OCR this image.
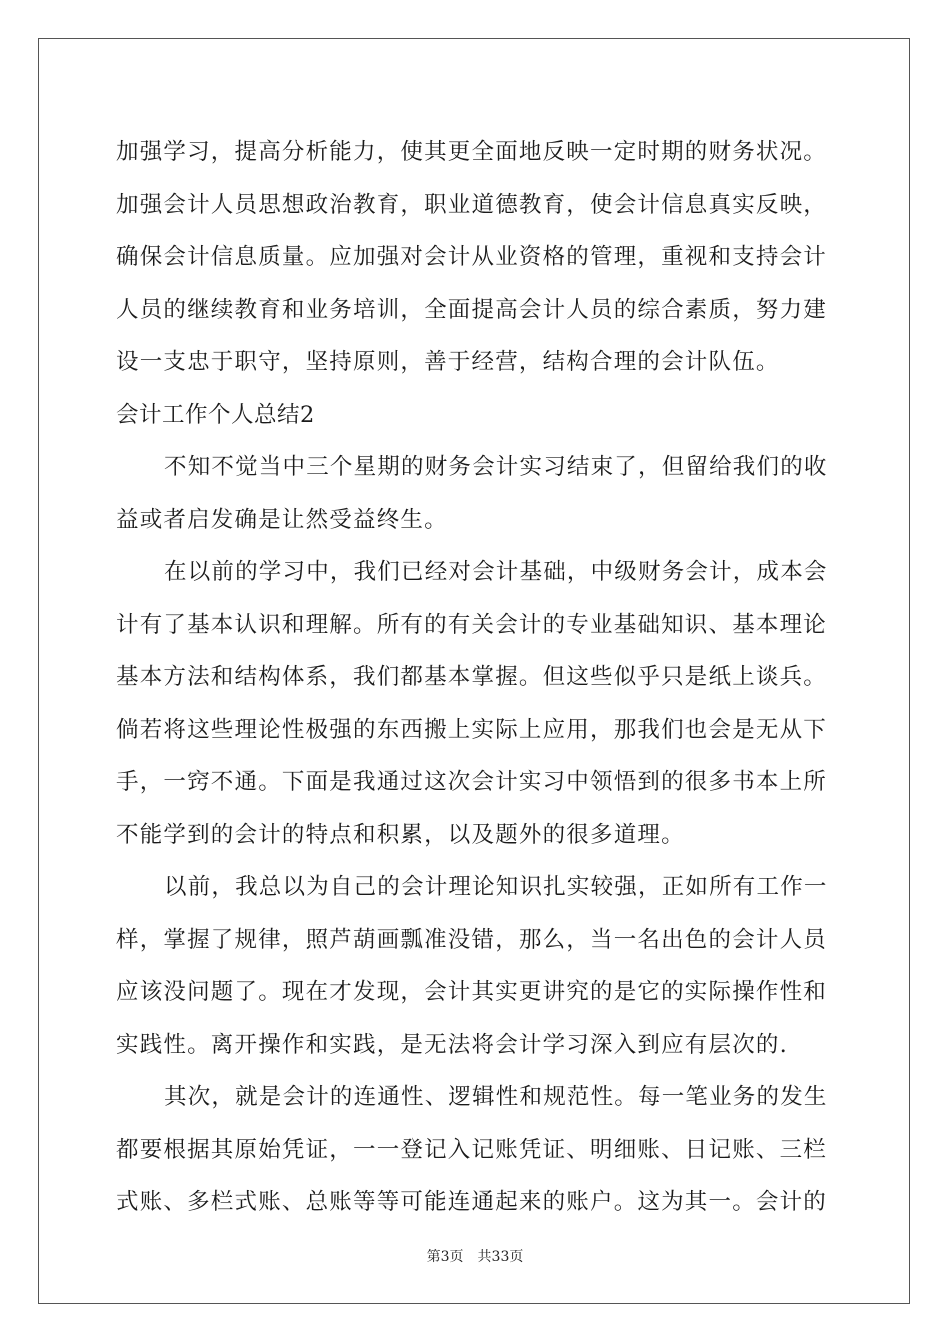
加强学习，提高分析能力，使其更全面地反映一定时期的财务状况。
加强会计人员思想政治教育，职业道德教育，使会计信息真实反映，
确保会计信息质量。应加强对会计从业资格的管理，重视和支持会计
人员的继续教育和业务培训，全面提高会计人员的综合素质，努力建
设一支忠于职守，坚持原则，善于经营，结构合理的会计队伍。
会计工作个人总结2
不知不觉当中三个星期的财务会计实习结束了，但留给我们的收
益或者启发确是让然受益终生。
在以前的学习中，我们已经对会计基础，中级财务会计，成本会
计有了基本认识和理解。所有的有关会计的专业基础知识、基本理论
基本方法和结构体系，我们都基本掌握。但这些似乎只是纸上谈兵。
倘若将这些理论性极强的东西搬上实际上应用，那我们也会是无从下
手，一窍不通。下面是我通过这次会计实习中领悟到的很多书本上所
不能学到的会计的特点和积累，以及题外的很多道理。
以前，我总以为自己的会计理论知识扎实较强，正如所有工作一
样，掌握了规律，照芦葫画瓢准没错，那么，当一名出色的会计人员
应该没问题了。现在才发现，会计其实更讲究的是它的实际操作性和
实践性。离开操作和实践，是无法将会计学习深入到应有层次的.
其次，就是会计的连通性、逻辑性和规范性。每一笔业务的发生
都要根据其原始凭证，一一登记入记账凭证、明细账、日记账、三栏
式账、多栏式账、总账等等可能连通起来的账户。这为其一。会计的
第3页 共33页
